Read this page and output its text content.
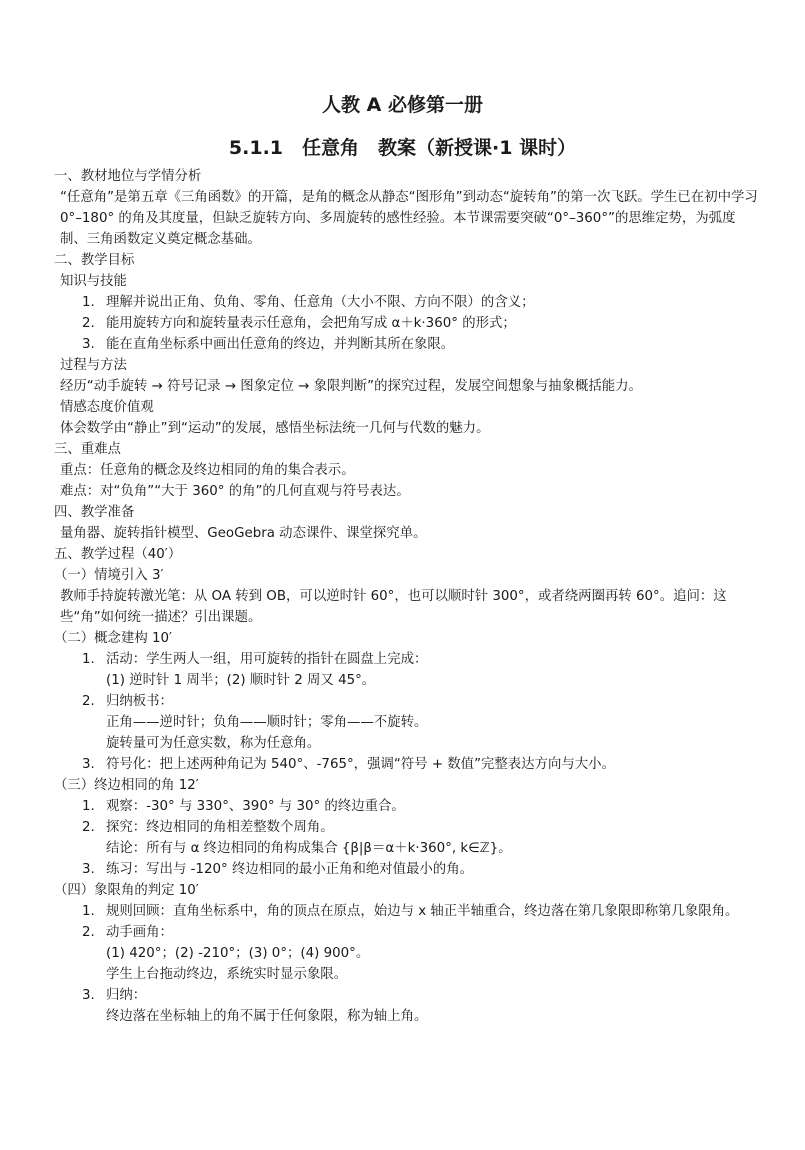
人教 A 必修第一册
5.1.1　任意角　教案（新授课·1 课时）
一、教材地位与学情分析
“任意角”是第五章《三角函数》的开篇，是角的概念从静态“图形角”到动态“旋转角”的第一次飞跃。学生已在初中学习 0°–180° 的角及其度量，但缺乏旋转方向、多周旋转的感性经验。本节课需要突破“0°–360°”的思维定势，为弧度制、三角函数定义奠定概念基础。
二、教学目标
知识与技能
1. 理解并说出正角、负角、零角、任意角（大小不限、方向不限）的含义；
2. 能用旋转方向和旋转量表示任意角，会把角写成 α＋k·360° 的形式；
3. 能在直角坐标系中画出任意角的终边，并判断其所在象限。
过程与方法
经历“动手旋转 → 符号记录 → 图象定位 → 象限判断”的探究过程，发展空间想象与抽象概括能力。
情感态度价值观
体会数学由“静止”到“运动”的发展，感悟坐标法统一几何与代数的魅力。
三、重难点
重点：任意角的概念及终边相同的角的集合表示。
难点：对“负角”“大于 360° 的角”的几何直观与符号表达。
四、教学准备
量角器、旋转指针模型、GeoGebra 动态课件、课堂探究单。
五、教学过程（40′）
（一）情境引入 3′
教师手持旋转激光笔：从 OA 转到 OB，可以逆时针 60°，也可以顺时针 300°，或者绕两圈再转 60°。追问：这些“角”如何统一描述？引出课题。
（二）概念建构 10′
1. 活动：学生两人一组，用可旋转的指针在圆盘上完成：
(1) 逆时针 1 周半；(2) 顺时针 2 周又 45°。
2. 归纳板书：
正角——逆时针；负角——顺时针；零角——不旋转。
旋转量可为任意实数，称为任意角。
3. 符号化：把上述两种角记为 540°、-765°，强调“符号 + 数值”完整表达方向与大小。
（三）终边相同的角 12′
1. 观察：-30° 与 330°、390° 与 30° 的终边重合。
2. 探究：终边相同的角相差整数个周角。
结论：所有与 α 终边相同的角构成集合 {β|β＝α＋k·360°, k∈ℤ}。
3. 练习：写出与 -120° 终边相同的最小正角和绝对值最小的角。
（四）象限角的判定 10′
1. 规则回顾：直角坐标系中，角的顶点在原点，始边与 x 轴正半轴重合，终边落在第几象限即称第几象限角。
2. 动手画角：
(1) 420°；(2) -210°；(3) 0°；(4) 900°。
学生上台拖动终边，系统实时显示象限。
3. 归纳：
终边落在坐标轴上的角不属于任何象限，称为轴上角。
